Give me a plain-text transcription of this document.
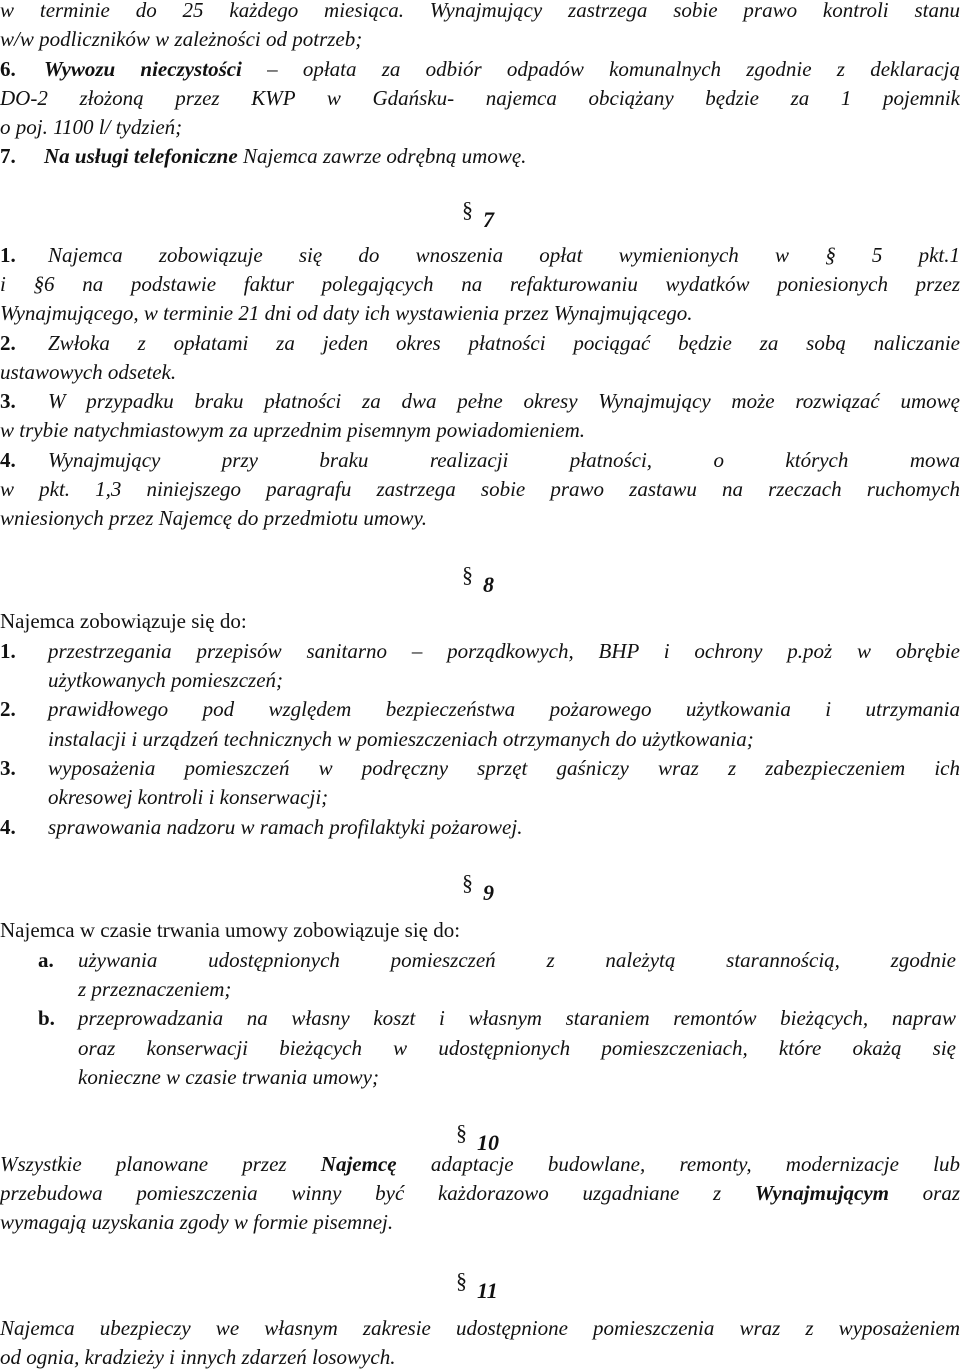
w terminie do 25 każdego miesiąca. Wynajmujący zastrzega sobie prawo kontroli stanu
w/w podliczników w zależności od potrzeb;
6. Wywozu nieczystości – opłata za odbiór odpadów komunalnych zgodnie z deklaracją
DO-2 złożoną przez KWP w Gdańsku- najemca obciążany będzie za 1 pojemnik
o poj. 1100 l/ tydzień;
7. Na usługi telefoniczne Najemca zawrze odrębną umowę.
§ 7
1. Najemca zobowiązuje się do wnoszenia opłat wymienionych w § 5 pkt.1
i §6 na podstawie faktur polegających na refakturowaniu wydatków poniesionych przez
Wynajmującego, w terminie 21 dni od daty ich wystawienia przez Wynajmującego.
2. Zwłoka z opłatami za jeden okres płatności pociągać będzie za sobą naliczanie
ustawowych odsetek.
3. W przypadku braku płatności za dwa pełne okresy Wynajmujący może rozwiązać umowę
w trybie natychmiastowym za uprzednim pisemnym powiadomieniem.
4. Wynajmujący przy braku realizacji płatności, o których mowa
w pkt. 1,3 niniejszego paragrafu zastrzega sobie prawo zastawu na rzeczach ruchomych
wniesionych przez Najemcę do przedmiotu umowy.
§ 8
Najemca zobowiązuje się do:
1. przestrzegania przepisów sanitarno – porządkowych, BHP i ochrony p.poż w obrębie
użytkowanych pomieszczeń;
2. prawidłowego pod względem bezpieczeństwa pożarowego użytkowania i utrzymania
instalacji i urządzeń technicznych w pomieszczeniach otrzymanych do użytkowania;
3. wyposażenia pomieszczeń w podręczny sprzęt gaśniczy wraz z zabezpieczeniem ich
okresowej kontroli i konserwacji;
4. sprawowania nadzoru w ramach profilaktyki pożarowej.
§ 9
Najemca w czasie trwania umowy zobowiązuje się do:
a. używania udostępnionych pomieszczeń z należytą starannością, zgodnie
z przeznaczeniem;
b. przeprowadzania na własny koszt i własnym staraniem remontów bieżących, napraw
oraz konserwacji bieżących w udostępnionych pomieszczeniach, które okażą się
konieczne w czasie trwania umowy;
§ 10
Wszystkie planowane przez Najemcę adaptacje budowlane, remonty, modernizacje lub
przebudowa pomieszczenia winny być każdorazowo uzgadniane z Wynajmującym oraz
wymagają uzyskania zgody w formie pisemnej.
§ 11
Najemca ubezpieczy we własnym zakresie udostępnione pomieszczenia wraz z wyposażeniem
od ognia, kradzieży i innych zdarzeń losowych.
